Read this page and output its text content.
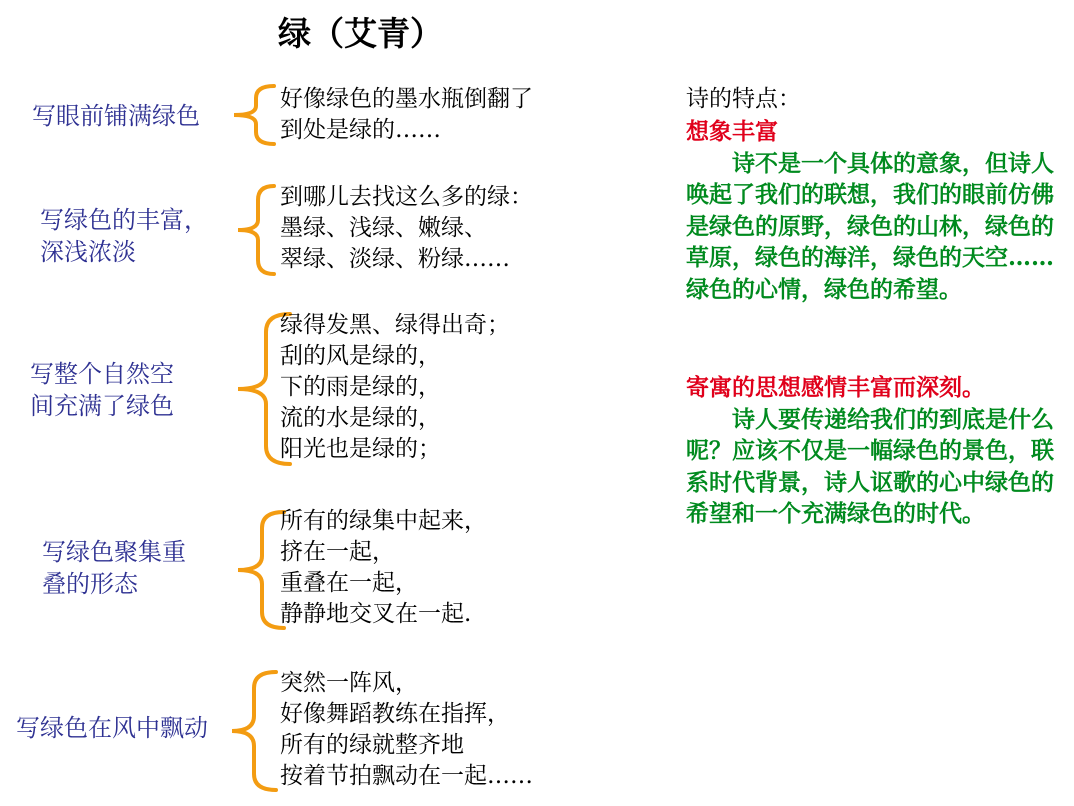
绿（艾青）
写眼前铺满绿色
好像绿色的墨水瓶倒翻了
到处是绿的……
写绿色的丰富，
深浅浓淡
到哪儿去找这么多的绿：
墨绿、浅绿、嫩绿、
翠绿、淡绿、粉绿……
写整个自然空
间充满了绿色
绿得发黑、绿得出奇；
刮的风是绿的，
下的雨是绿的，
流的水是绿的，
阳光也是绿的；
写绿色聚集重
叠的形态
所有的绿集中起来，
挤在一起，
重叠在一起，
静静地交叉在一起.
写绿色在风中飘动
突然一阵风，
好像舞蹈教练在指挥，
所有的绿就整齐地
按着节拍飘动在一起……
诗的特点：
想象丰富
诗不是一个具体的意象，但诗人唤起了我们的联想，我们的眼前仿佛是绿色的原野，绿色的山林，绿色的草原，绿色的海洋，绿色的天空……绿色的心情，绿色的希望。
寄寓的思想感情丰富而深刻。
诗人要传递给我们的到底是什么呢？应该不仅是一幅绿色的景色，联系时代背景，诗人讴歌的心中绿色的希望和一个充满绿色的时代。
